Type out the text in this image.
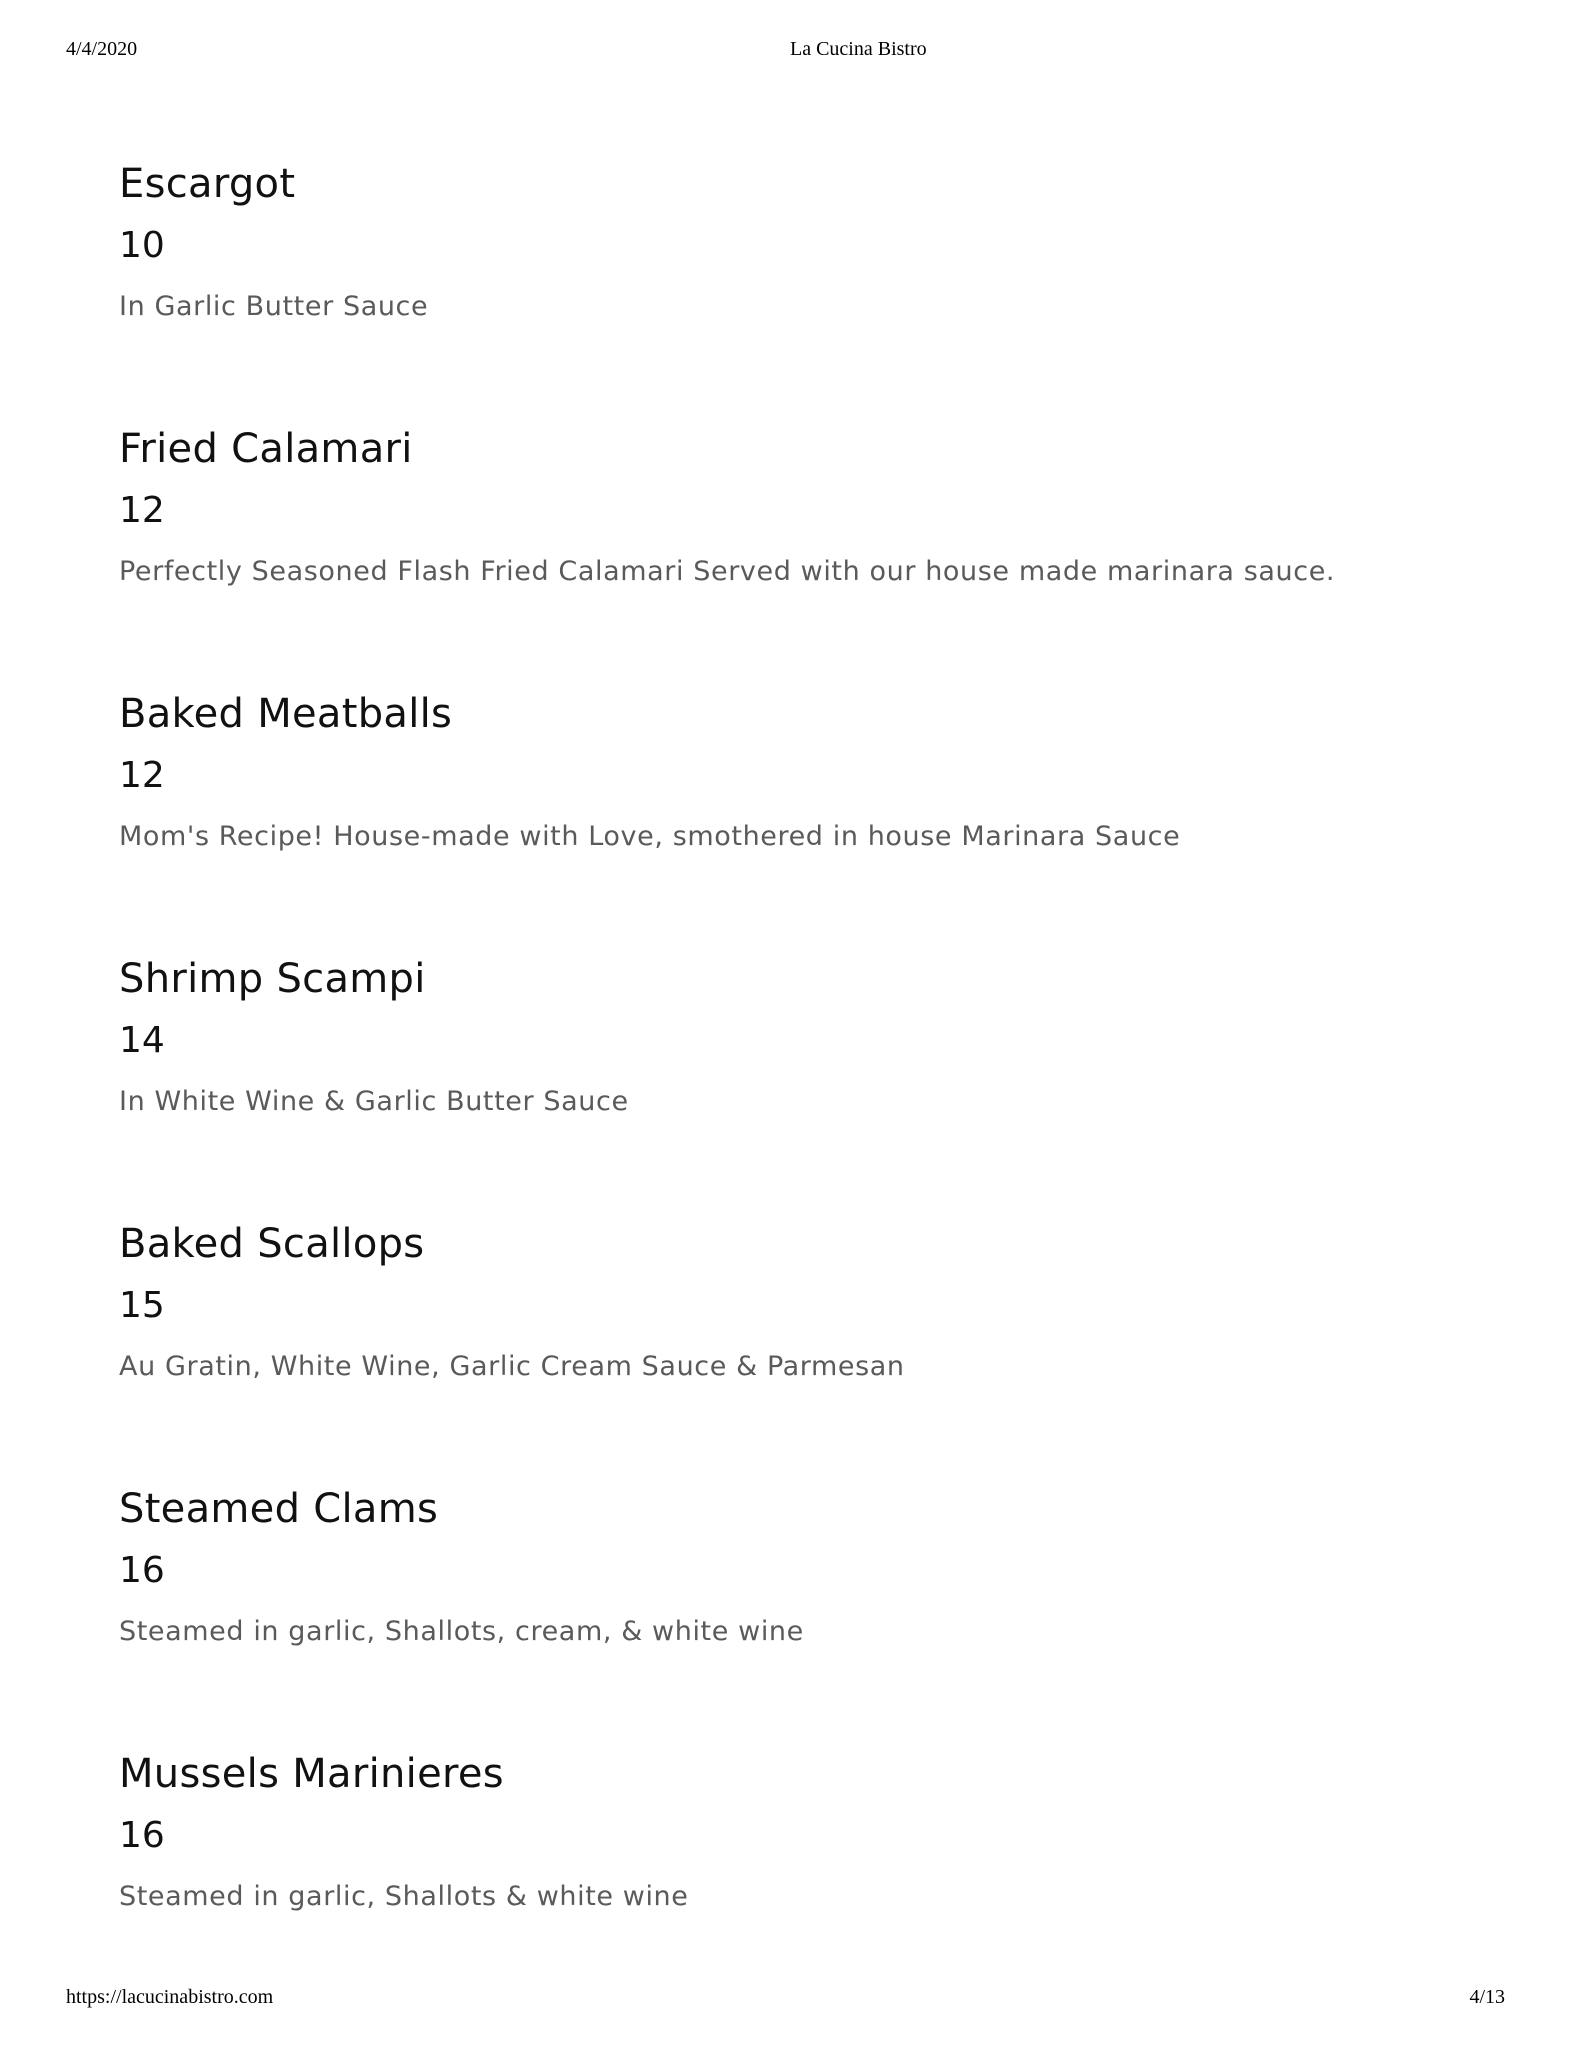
4/4/2020	La Cucina Bistro
Escargot
10
In Garlic Butter Sauce
Fried Calamari
12
Perfectly Seasoned Flash Fried Calamari Served with our house made marinara sauce.
Baked Meatballs
12
Mom's Recipe! House-made with Love, smothered in house Marinara Sauce
Shrimp Scampi
14
In White Wine & Garlic Butter Sauce
Baked Scallops
15
Au Gratin, White Wine, Garlic Cream Sauce & Parmesan
Steamed Clams
16
Steamed in garlic, Shallots, cream, & white wine
Mussels Marinieres
16
Steamed in garlic, Shallots & white wine
https://lacucinabistro.com	4/13
